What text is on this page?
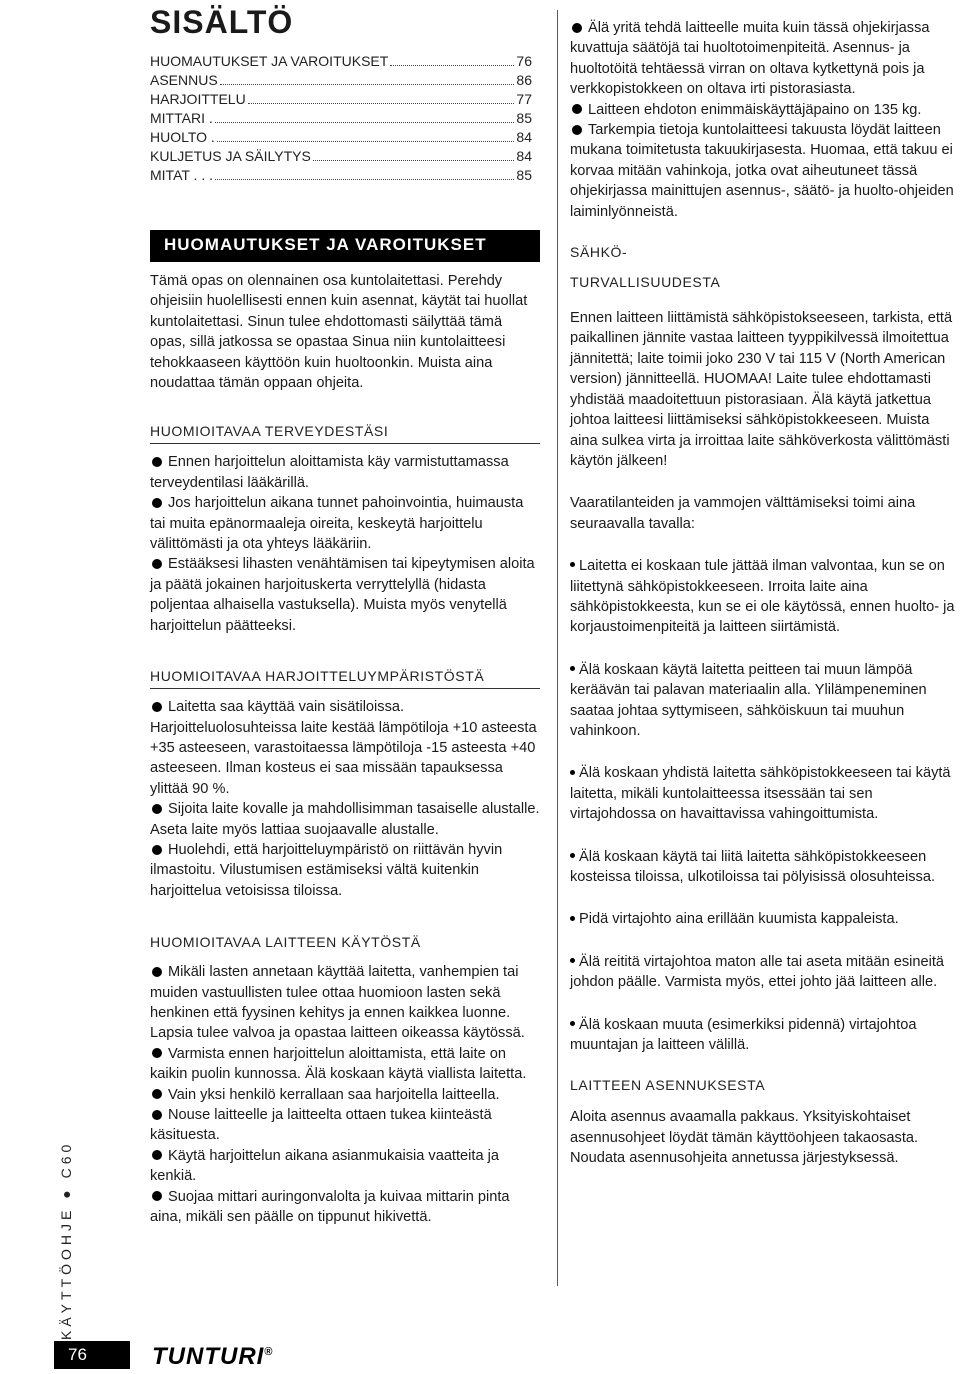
KÄYTTÖOHJE ● C60
76	TUNTURI®
SISÄLTÖ
HUOMAUTUKSET JA VAROITUKSET	76
ASENNUS	86
HARJOITTELU	77
MITTARI .	85
HUOLTO .	84
KULJETUS JA SÄILYTYS	84
MITAT . . .	85
HUOMAUTUKSET JA VAROITUKSET

Tämä opas on olennainen osa kuntolaitettasi. Perehdy ohjeisiin huolellisesti ennen kuin asennat, käytät tai huollat kuntolaitettasi. Sinun tulee ehdottomasti säilyttää tämä opas, sillä jatkossa se opastaa Sinua niin kuntolaitteesi tehokkaaseen käyttöön kuin huoltoonkin. Muista aina noudattaa tämän oppaan ohjeita.

HUOMIOITAVAA TERVEYDESTÄSI
Ennen harjoittelun aloittamista käy varmistuttamassa terveydentilasi lääkärillä.
Jos harjoittelun aikana tunnet pahoinvointia, huimausta tai muita epänormaaleja oireita, keskeytä harjoittelu välittömästi ja ota yhteys lääkäriin.
Estääksesi lihasten venähtämisen tai kipeytymisen aloita ja päätä jokainen harjoituskerta verryttelyllä (hidasta poljentaa alhaisella vastuksella). Muista myös venytellä harjoittelun päätteeksi.
HUOMIOITAVAA HARJOITTELUYMPÄRISTÖSTÄ
Laitetta saa käyttää vain sisätiloissa. Harjoitteluolosuhteissa laite kestää lämpötiloja +10 asteesta +35 asteeseen, varastoitaessa lämpötiloja -15 asteesta +40 asteeseen. Ilman kosteus ei saa missään tapauksessa ylittää 90 %.
Sijoita laite kovalle ja mahdollisimman tasaiselle alustalle. Aseta laite myös lattiaa suojaavalle alustalle.
Huolehdi, että harjoitteluympäristö on riittävän hyvin ilmastoitu. Vilustumisen estämiseksi vältä kuitenkin harjoittelua vetoisissa tiloissa.
HUOMIOITAVAA LAITTEEN KÄYTÖSTÄ
Mikäli lasten annetaan käyttää laitetta, vanhempien tai muiden vastuullisten tulee ottaa huomioon lasten sekä henkinen että fyysinen kehitys ja ennen kaikkea luonne. Lapsia tulee valvoa ja opastaa laitteen oikeassa käytössä.
Varmista ennen harjoittelun aloittamista, että laite on kaikin puolin kunnossa. Älä koskaan käytä viallista laitetta.
Vain yksi henkilö kerrallaan saa harjoitella laitteella.
Nouse laitteelle ja laitteelta ottaen tukea kiinteästä käsituesta.
Käytä harjoittelun aikana asianmukaisia vaatteita ja kenkiä.
Suojaa mittari auringonvalolta ja kuivaa mittarin pinta aina, mikäli sen päälle on tippunut hikivettä.
Älä yritä tehdä laitteelle muita kuin tässä ohjekirjassa kuvattuja säätöjä tai huoltotoimenpiteitä. Asennus- ja huoltotöitä tehtäessä virran on oltava kytkettynä pois ja verkkopistokkeen on oltava irti pistorasiasta.
Laitteen ehdoton enimmäiskäyttäjäpaino on 135 kg.
Tarkempia tietoja kuntolaitteesi takuusta löydät laitteen mukana toimitetusta takuukirjasesta. Huomaa, että takuu ei korvaa mitään vahinkoja, jotka ovat aiheutuneet tässä ohjekirjassa mainittujen asennus-, säätö- ja huolto-ohjeiden laiminlyönneistä.
SÄHKÖ-
TURVALLISUUDESTA

Ennen laitteen liittämistä sähköpistokseeseen, tarkista, että paikallinen jännite vastaa laitteen tyyppikilvessä ilmoitettua jännitettä; laite toimii joko 230 V tai 115 V (North American version) jännitteellä. HUOMAA! Laite tulee ehdottamasti yhdistää maadoitettuun pistorasiaan. Älä käytä jatkettua johtoa laitteesi liittämiseksi sähköpistokkeeseen. Muista aina sulkea virta ja irroittaa laite sähköverkosta välittömästi käytön jälkeen!

Vaaratilanteiden ja vammojen välttämiseksi toimi aina seuraavalla tavalla:

Laitetta ei koskaan tule jättää ilman valvontaa, kun se on liitettynä sähköpistokkeeseen. Irroita laite aina sähköpistokkeesta, kun se ei ole käytössä, ennen huolto- ja korjaustoimenpiteitä ja laitteen siirtämistä.
Älä koskaan käytä laitetta peitteen tai muun lämpöä keräävän tai palavan materiaalin alla. Ylilämpeneminen saataa johtaa syttymiseen, sähköiskuun tai muuhun vahinkoon.
Älä koskaan yhdistä laitetta sähköpistokkeeseen tai käytä laitetta, mikäli kuntolaitteessa itsessään tai sen virtajohdossa on havaittavissa vahingoittumista.
Älä koskaan käytä tai liitä laitetta sähköpistokkeeseen kosteissa tiloissa, ulkotiloissa tai pölyisissä olosuhteissa.
Pidä virtajohto aina erillään kuumista kappaleista.
Älä reititä virtajohtoa maton alle tai aseta mitään esineitä johdon päälle. Varmista myös, ettei johto jää laitteen alle.
Älä koskaan muuta (esimerkiksi pidennä) virtajohtoa muuntajan ja laitteen välillä.
LAITTEEN ASENNUKSESTA

Aloita asennus avaamalla pakkaus. Yksityiskohtaiset asennusohjeet löydät tämän käyttöohjeen takaosasta. Noudata asennusohjeita annetussa järjestyksessä.
